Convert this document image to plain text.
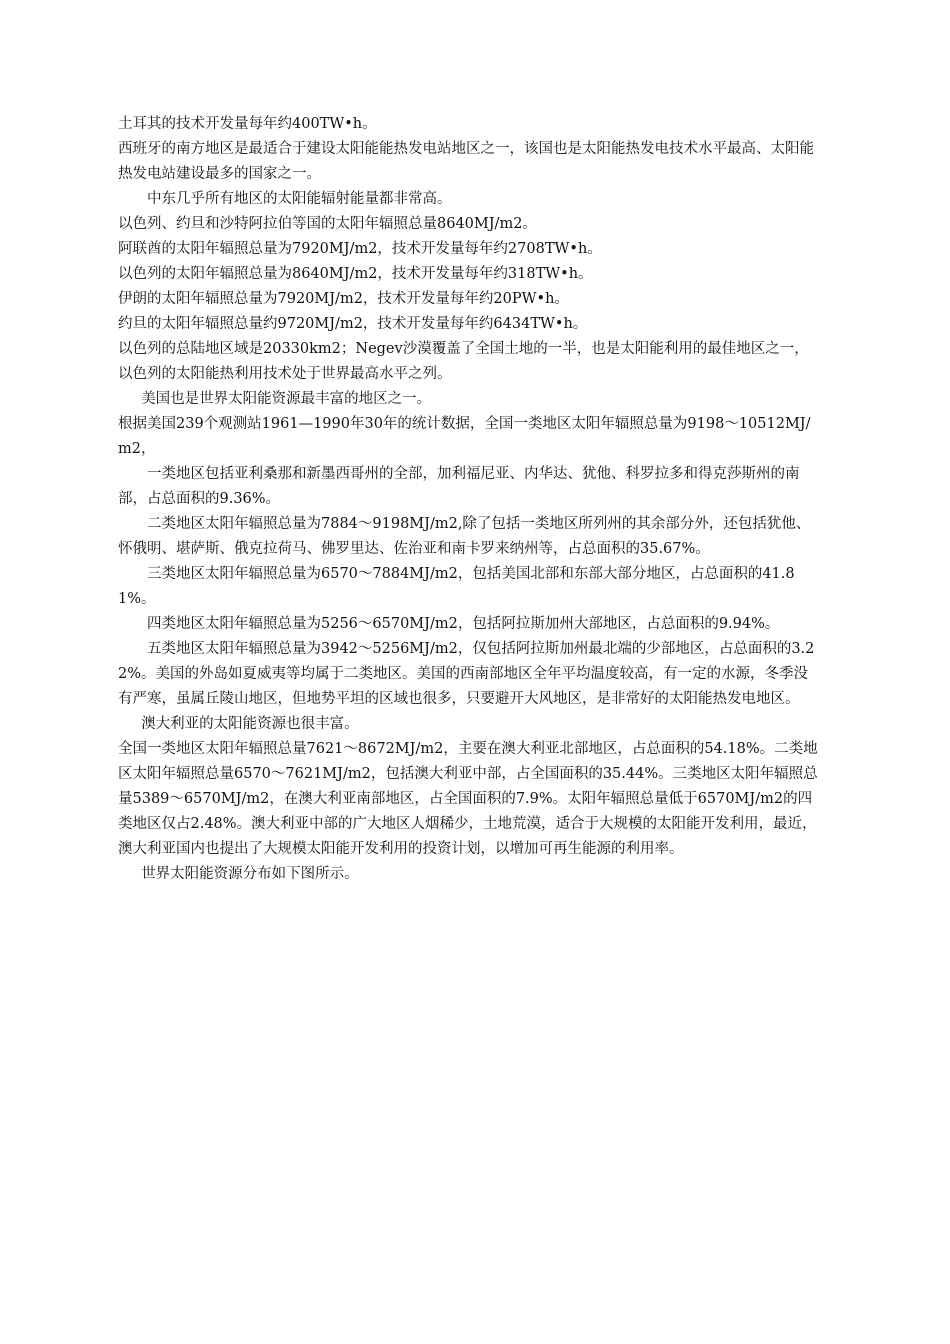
土耳其的技术开发量每年约400TW•h。

西班牙的南方地区是最适合于建设太阳能能热发电站地区之一，该国也是太阳能热发电技术水平最高、太阳能热发电站建设最多的国家之一。

中东几乎所有地区的太阳能辐射能量都非常高。

以色列、约旦和沙特阿拉伯等国的太阳年辐照总量8640MJ/m2。

阿联酋的太阳年辐照总量为7920MJ/m2，技术开发量每年约2708TW•h。

以色列的太阳年辐照总量为8640MJ/m2，技术开发量每年约318TW•h。

伊朗的太阳年辐照总量为7920MJ/m2，技术开发量每年约20PW•h。

约旦的太阳年辐照总量约9720MJ/m2，技术开发量每年约6434TW•h。

以色列的总陆地区域是20330km2；Negev沙漠覆盖了全国土地的一半，也是太阳能利用的最佳地区之一，以色列的太阳能热利用技术处于世界最高水平之列。

美国也是世界太阳能资源最丰富的地区之一。

根据美国239个观测站1961—1990年30年的统计数据，全国一类地区太阳年辐照总量为9198～10512MJ/m2，

一类地区包括亚利桑那和新墨西哥州的全部，加利福尼亚、内华达、犹他、科罗拉多和得克莎斯州的南部，占总面积的9.36%。

二类地区太阳年辐照总量为7884～9198MJ/m2,除了包括一类地区所列州的其余部分外，还包括犹他、怀俄明、堪萨斯、俄克拉荷马、佛罗里达、佐治亚和南卡罗来纳州等，占总面积的35.67%。

三类地区太阳年辐照总量为6570～7884MJ/m2，包括美国北部和东部大部分地区，占总面积的41.81%。

四类地区太阳年辐照总量为5256～6570MJ/m2，包括阿拉斯加州大部地区，占总面积的9.94%。

五类地区太阳年辐照总量为3942～5256MJ/m2，仅包括阿拉斯加州最北端的少部地区，占总面积的3.22%。美国的外岛如夏威夷等均属于二类地区。美国的西南部地区全年平均温度较高，有一定的水源，冬季没有严寒，虽属丘陵山地区，但地势平坦的区域也很多，只要避开大风地区，是非常好的太阳能热发电地区。

澳大利亚的太阳能资源也很丰富。

全国一类地区太阳年辐照总量7621～8672MJ/m2，主要在澳大利亚北部地区，占总面积的54.18%。二类地区太阳年辐照总量6570～7621MJ/m2，包括澳大利亚中部，占全国面积的35.44%。三类地区太阳年辐照总量5389～6570MJ/m2，在澳大利亚南部地区，占全国面积的7.9%。太阳年辐照总量低于6570MJ/m2的四类地区仅占2.48%。澳大利亚中部的广大地区人烟稀少，土地荒漠，适合于大规模的太阳能开发利用，最近，澳大利亚国内也提出了大规模太阳能开发利用的投资计划，以增加可再生能源的利用率。

世界太阳能资源分布如下图所示。
